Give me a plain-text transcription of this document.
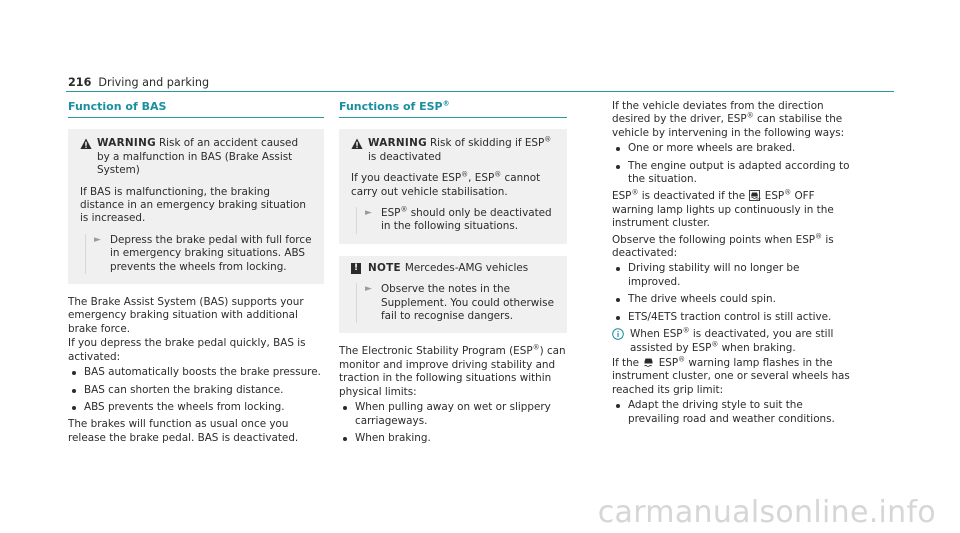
216 Driving and parking
Function of BAS
WARNING Risk of an accident caused by a malfunction in BAS (Brake Assist System)
If BAS is malfunctioning, the braking distance in an emergency braking situation is increased.
► Depress the brake pedal with full force in emergency braking situations. ABS prevents the wheels from locking.

The Brake Assist System (BAS) supports your emergency braking situation with additional brake force.

If you depress the brake pedal quickly, BAS is activated:

BAS automatically boosts the brake pressure.
BAS can shorten the braking distance.
ABS prevents the wheels from locking.

The brakes will function as usual once you release the brake pedal. BAS is deactivated.

Functions of ESP®
WARNING Risk of skidding if ESP® is deactivated
If you deactivate ESP®, ESP® cannot carry out vehicle stabilisation.
► ESP® should only be deactivated in the following situations.
! NOTE Mercedes-AMG vehicles
► Observe the notes in the Supplement. You could otherwise fail to recognise dangers.

The Electronic Stability Program (ESP®) can monitor and improve driving stability and traction in the following situations within physical limits:

When pulling away on wet or slippery carriageways.
When braking.

If the vehicle deviates from the direction desired by the driver, ESP® can stabilise the vehicle by intervening in the following ways:

One or more wheels are braked.
The engine output is adapted according to the situation.

ESP® is deactivated if the	OFF ESP® OFF warning lamp lights up continuously in the instrument cluster.

Observe the following points when ESP® is deactivated:

Driving stability will no longer be improved.
The drive wheels could spin.
ETS/4ETS traction control is still active.
When ESP® is deactivated, you are still assisted by ESP® when braking.

If the  ESP® warning lamp flashes in the instrument cluster, one or several wheels has reached its grip limit:

Adapt the driving style to suit the prevailing road and weather conditions.
carmanualsonline.info
